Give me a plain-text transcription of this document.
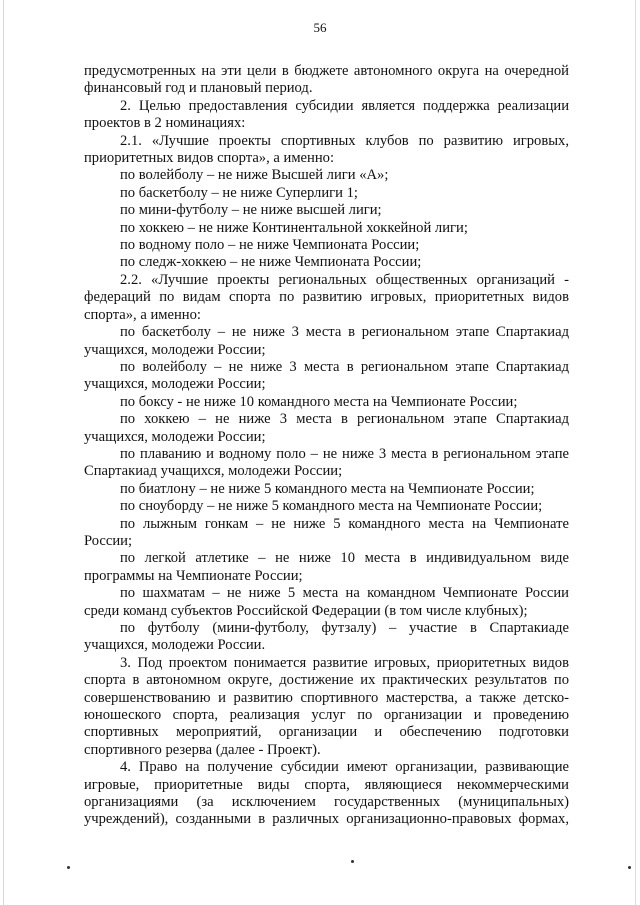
56

предусмотренных на эти цели в бюджете автономного округа на очередной финансовый год и плановый период.

2. Целью предоставления субсидии является поддержка реализации проектов в 2 номинациях:

2.1. «Лучшие проекты спортивных клубов по развитию игровых, приоритетных видов спорта», а именно:

по волейболу – не ниже Высшей лиги «А»;

по баскетболу – не ниже Суперлиги 1;

по мини-футболу – не ниже высшей лиги;

по хоккею – не ниже Континентальной хоккейной лиги;

по водному поло – не ниже Чемпионата России;

по следж-хоккею – не ниже Чемпионата России;

2.2. «Лучшие проекты региональных общественных организаций - федераций по видам спорта по развитию игровых, приоритетных видов спорта», а именно:

по баскетболу – не ниже 3 места в региональном этапе Спартакиад учащихся, молодежи России;

по волейболу – не ниже 3 места в региональном этапе Спартакиад учащихся, молодежи России;

по боксу - не ниже 10 командного места на Чемпионате России;

по хоккею – не ниже 3 места в региональном этапе Спартакиад учащихся, молодежи России;

по плаванию и водному поло – не ниже 3 места в региональном этапе Спартакиад учащихся, молодежи России;

по биатлону – не ниже 5 командного места на Чемпионате России;

по сноуборду – не ниже 5 командного места на Чемпионате России;

по лыжным гонкам – не ниже 5 командного места на Чемпионате России;

по легкой атлетике – не ниже 10 места в индивидуальном виде программы на Чемпионате России;

по шахматам – не ниже 5 места на командном Чемпионате России среди команд субъектов Российской Федерации (в том числе клубных);

по футболу (мини-футболу, футзалу) – участие в Спартакиаде учащихся, молодежи России.

3. Под проектом понимается развитие игровых, приоритетных видов спорта в автономном округе, достижение их практических результатов по совершенствованию и развитию спортивного мастерства, а также детско-юношеского спорта, реализация услуг по организации и проведению спортивных мероприятий, организации и обеспечению подготовки спортивного резерва (далее - Проект).

4. Право на получение субсидии имеют организации, развивающие игровые, приоритетные виды спорта, являющиеся некоммерческими организациями (за исключением государственных (муниципальных) учреждений), созданными в различных организационно-правовых формах,
